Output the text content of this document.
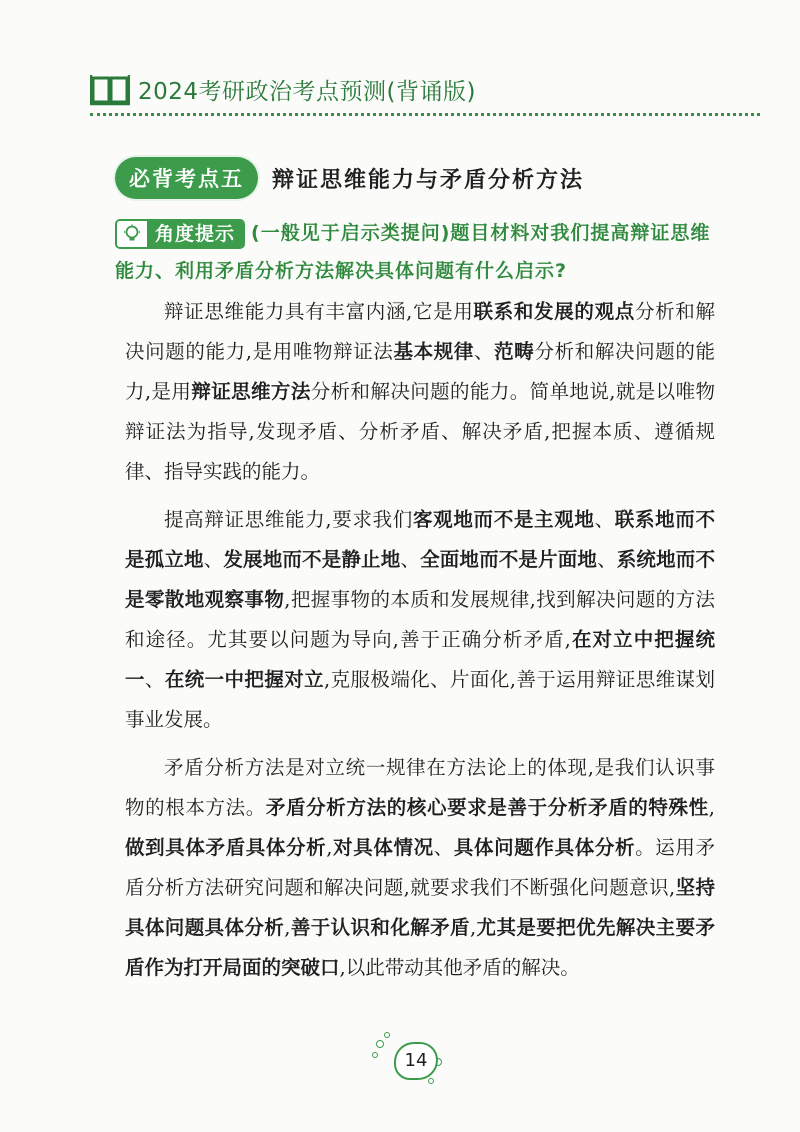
2024考研政治考点预测(背诵版)
必背考点五	辩证思维能力与矛盾分析方法
角度提示 (一般见于启示类提问)题目材料对我们提高辩证思维能力、利用矛盾分析方法解决具体问题有什么启示?

辩证思维能力具有丰富内涵,它是用联系和发展的观点分析和解决问题的能力,是用唯物辩证法基本规律、范畴分析和解决问题的能力,是用辩证思维方法分析和解决问题的能力。简单地说,就是以唯物辩证法为指导,发现矛盾、分析矛盾、解决矛盾,把握本质、遵循规律、指导实践的能力。

提高辩证思维能力,要求我们客观地而不是主观地、联系地而不是孤立地、发展地而不是静止地、全面地而不是片面地、系统地而不是零散地观察事物,把握事物的本质和发展规律,找到解决问题的方法和途径。尤其要以问题为导向,善于正确分析矛盾,在对立中把握统一、在统一中把握对立,克服极端化、片面化,善于运用辩证思维谋划事业发展。

矛盾分析方法是对立统一规律在方法论上的体现,是我们认识事物的根本方法。矛盾分析方法的核心要求是善于分析矛盾的特殊性,做到具体矛盾具体分析,对具体情况、具体问题作具体分析。运用矛盾分析方法研究问题和解决问题,就要求我们不断强化问题意识,坚持具体问题具体分析,善于认识和化解矛盾,尤其是要把优先解决主要矛盾作为打开局面的突破口,以此带动其他矛盾的解决。

14
